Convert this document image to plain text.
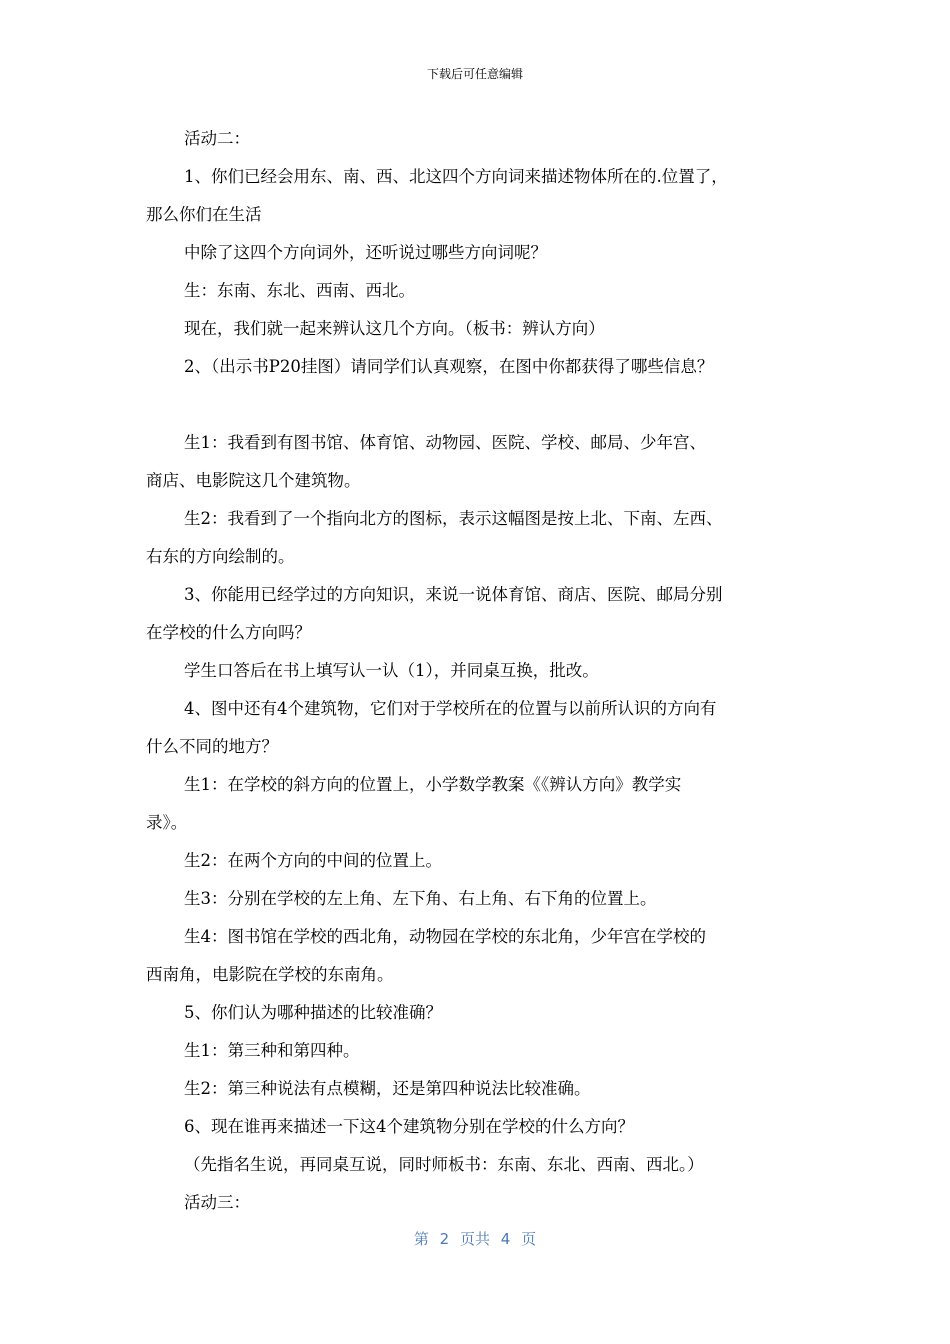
下载后可任意编辑

活动二：

1、你们已经会用东、南、西、北这四个方向词来描述物体所在的.位置了，
那么你们在生活

中除了这四个方向词外，还听说过哪些方向词呢？

生：东南、东北、西南、西北。

现在，我们就一起来辨认这几个方向。（板书：辨认方向）

2、（出示书P20挂图）请同学们认真观察，在图中你都获得了哪些信息？

生1：我看到有图书馆、体育馆、动物园、医院、学校、邮局、少年宫、
商店、电影院这几个建筑物。

生2：我看到了一个指向北方的图标，表示这幅图是按上北、下南、左西、
右东的方向绘制的。

3、你能用已经学过的方向知识，来说一说体育馆、商店、医院、邮局分别
在学校的什么方向吗？

学生口答后在书上填写认一认（1），并同桌互换，批改。

4、图中还有4个建筑物，它们对于学校所在的位置与以前所认识的方向有
什么不同的地方？

生1：在学校的斜方向的位置上，小学数学教案《《辨认方向》教学实
录》。

生2：在两个方向的中间的位置上。

生3：分别在学校的左上角、左下角、右上角、右下角的位置上。

生4：图书馆在学校的西北角，动物园在学校的东北角，少年宫在学校的
西南角，电影院在学校的东南角。

5、你们认为哪种描述的比较准确？

生1：第三种和第四种。

生2：第三种说法有点模糊，还是第四种说法比较准确。

6、现在谁再来描述一下这4个建筑物分别在学校的什么方向？

（先指名生说，再同桌互说，同时师板书：东南、东北、西南、西北。）

活动三：

第 2 页共 4 页
